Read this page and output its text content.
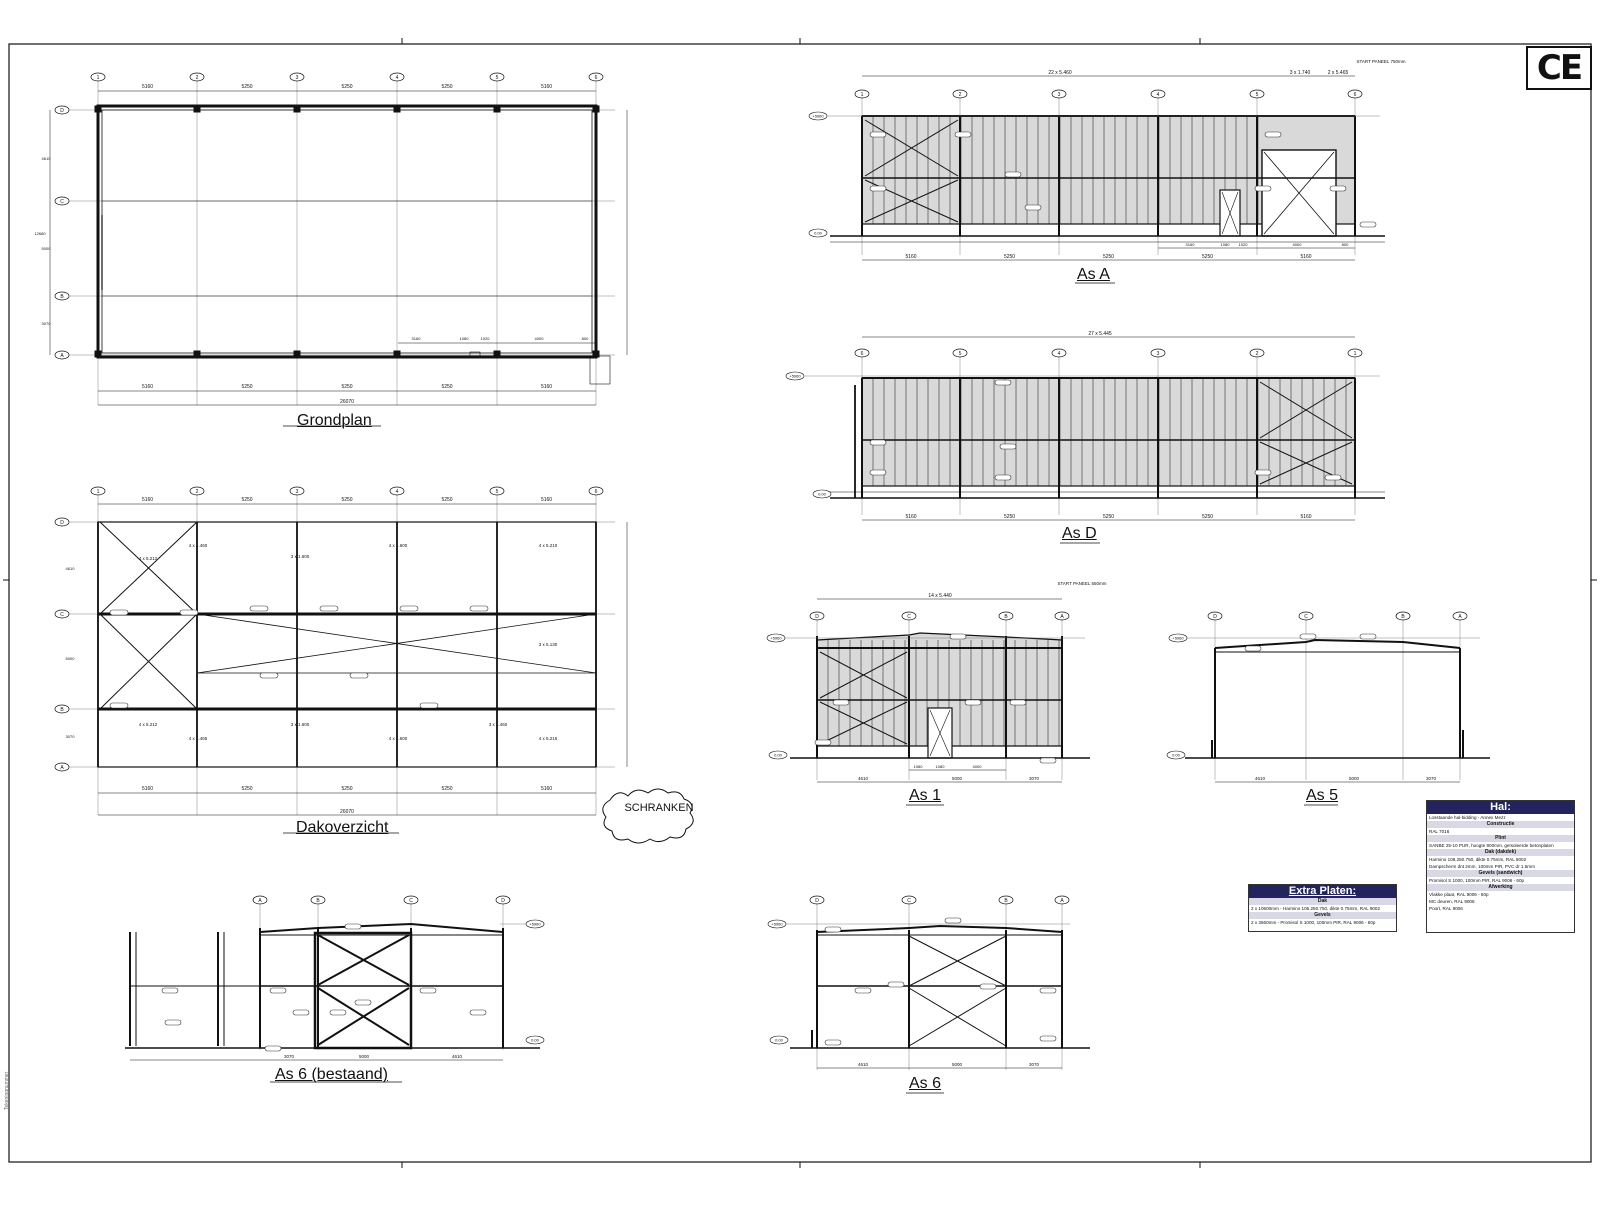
1	2	3	4	5	6
D
C
B
A
5160	5250	5250	5250	5160
3160	1080	1020	4000	800
5160	5250	5250	5250	5160
26070
4610
5000
3070
12680
1	2	3	4	5	6
D
C
B
A
5160	5250	5250	5250	5160
4 x 1.460
3 x 1.600
4 x 1.600	4 x 5.210
4 x 5.212
3 x 5.130
4 x 5.212	3 x 1.600	3 x 1.460
4 x 1.465	4 x 1.600	4 x 5.215
5160	5250	5250	5250	5160
26070
4610
5000
3070
1	2	3	4	5	6
22 x 5.460	3 x 1.740	2 x 5.465
START PANEEL 750mm
+5960
0.00
3160	1080 1020	4000	800
5160	5250	5250	5250	5160
6	5	4	3	2	1
27 x 5.445
+5960
0.00
5160	5250	5250	5250	5160
D	C	B	A
14 x 5.440
START PANEEL 550mm
+5960
0.00
4610	5000	3070
1080	1080	4000
D	C	B	A
+5960
0.00
4610	5000	3070
A	B	C	D
+5960
0.00
3070	5000	4610
D	C	B	A
+5960
0.00
4610	5000	3070
CE
Grondplan
Dakoverzicht
As A
As D
As 1	As 5
As 6 (bestaand)
As 6
SCHRANKEN	Hal:
Losstaande hal-bidding - Annex Mezz
Constructie
RAL 7016
Plint
SANBE 25-10 PUR, hoogte 800mm, geïsoleerde betonplaten
Dak (dakdek)
Harmino 106.250.750, dikte 0.75mm, RAL 9002
Dampscherm dnt 2mm, 100mm PIR, PVC dr 1.5mm
Gevels (sandwich)
Promisol S 1000, 100mm PIR, RAL 9006 - 60p
Afwerking
Vlakke plaat, RAL 9006 - 60p
MC deuren, RAL 9006
Poort, RAL 9006
Extra Platen:
Dak
2 x 10600mm - Harmino 106.250.750, dikte 0.75mm, RAL 9002
Gevels
2 x 3660mm - Promisol S 1000, 100mm PIR, RAL 9006 - 60p
Tekeningnummer
